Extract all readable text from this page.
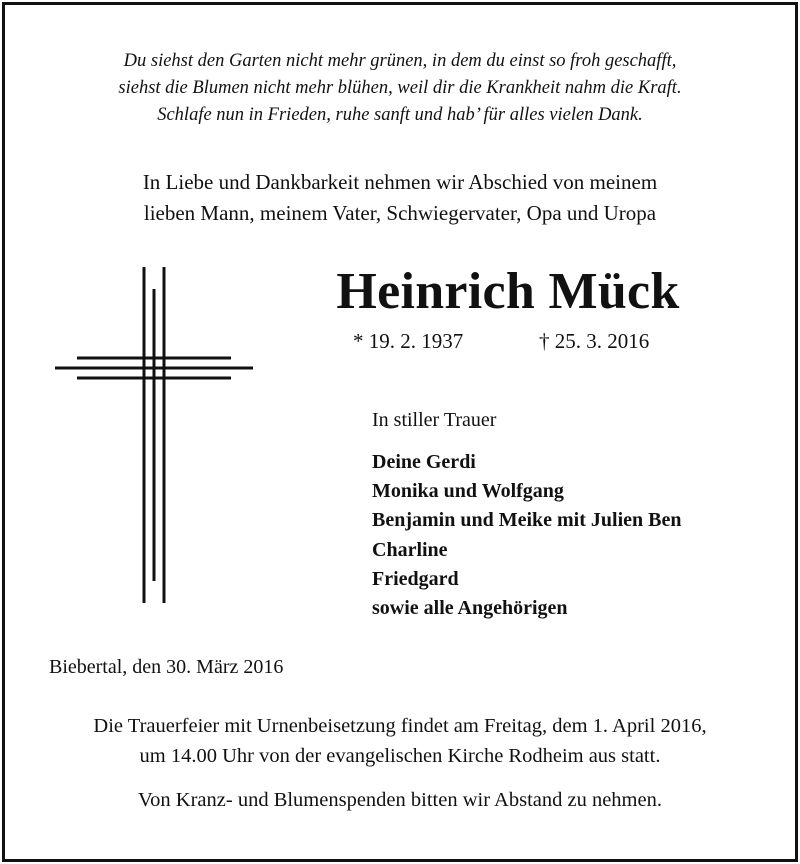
Du siehst den Garten nicht mehr grünen, in dem du einst so froh geschafft,
siehst die Blumen nicht mehr blühen, weil dir die Krankheit nahm die Kraft.
Schlafe nun in Frieden, ruhe sanft und hab’ für alles vielen Dank.
In Liebe und Dankbarkeit nehmen wir Abschied von meinem
lieben Mann, meinem Vater, Schwiegervater, Opa und Uropa
Heinrich Mück
* 19. 2. 1937	† 25. 3. 2016
In stiller Trauer
Deine Gerdi
Monika und Wolfgang
Benjamin und Meike mit Julien Ben
Charline
Friedgard
sowie alle Angehörigen
Biebertal, den 30. März 2016
Die Trauerfeier mit Urnenbeisetzung findet am Freitag, dem 1. April 2016,
um 14.00 Uhr von der evangelischen Kirche Rodheim aus statt.
Von Kranz- und Blumenspenden bitten wir Abstand zu nehmen.
